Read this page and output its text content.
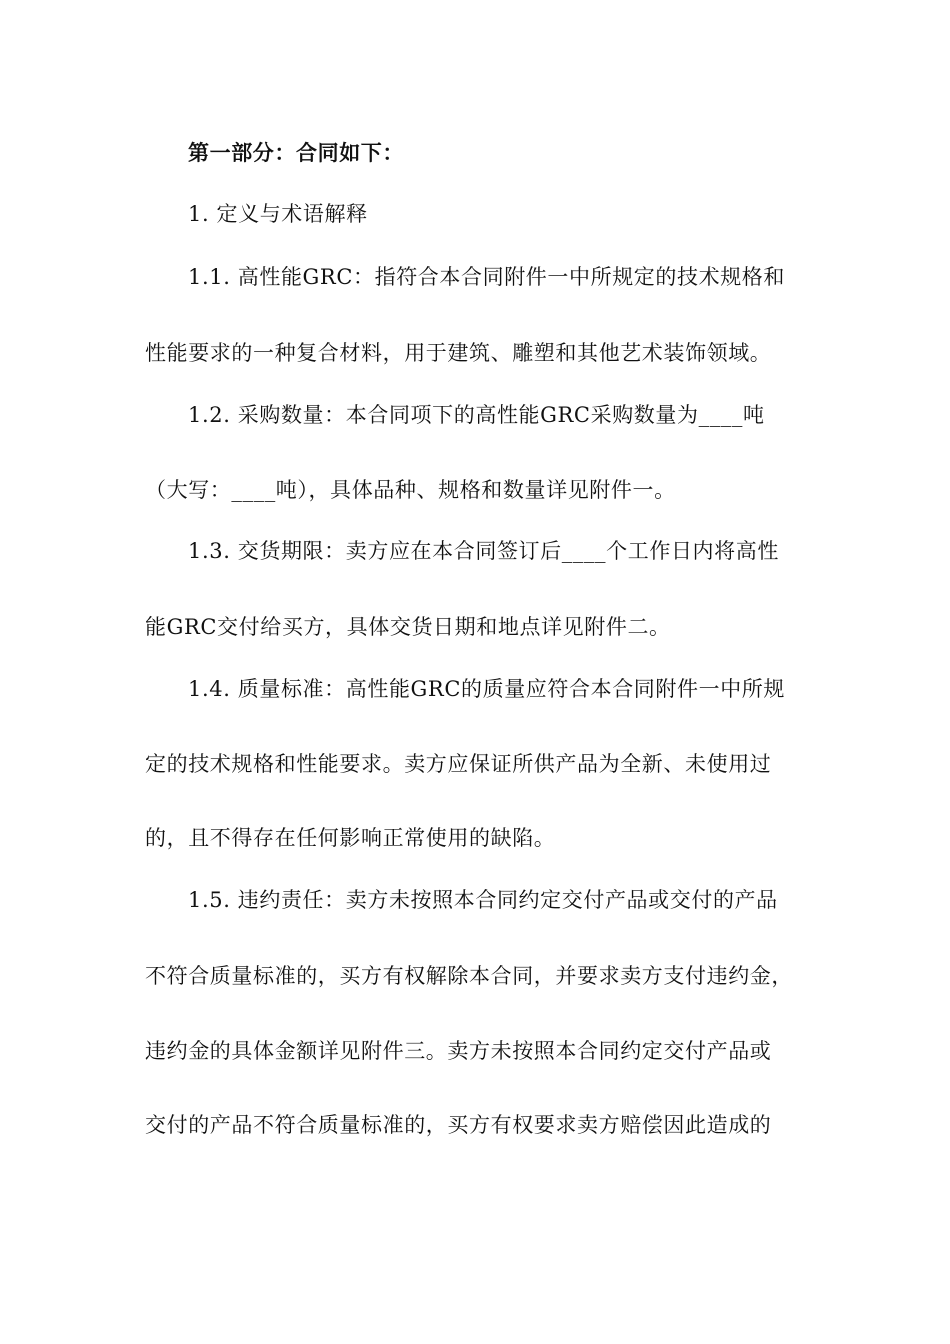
第一部分：合同如下：
1. 定义与术语解释
1.1. 高性能GRC：指符合本合同附件一中所规定的技术规格和
性能要求的一种复合材料，用于建筑、雕塑和其他艺术装饰领域。
1.2. 采购数量：本合同项下的高性能GRC采购数量为____吨
（大写：____吨），具体品种、规格和数量详见附件一。
1.3. 交货期限：卖方应在本合同签订后____个工作日内将高性
能GRC交付给买方，具体交货日期和地点详见附件二。
1.4. 质量标准：高性能GRC的质量应符合本合同附件一中所规
定的技术规格和性能要求。卖方应保证所供产品为全新、未使用过
的，且不得存在任何影响正常使用的缺陷。
1.5. 违约责任：卖方未按照本合同约定交付产品或交付的产品
不符合质量标准的，买方有权解除本合同，并要求卖方支付违约金，
违约金的具体金额详见附件三。卖方未按照本合同约定交付产品或
交付的产品不符合质量标准的，买方有权要求卖方赔偿因此造成的
